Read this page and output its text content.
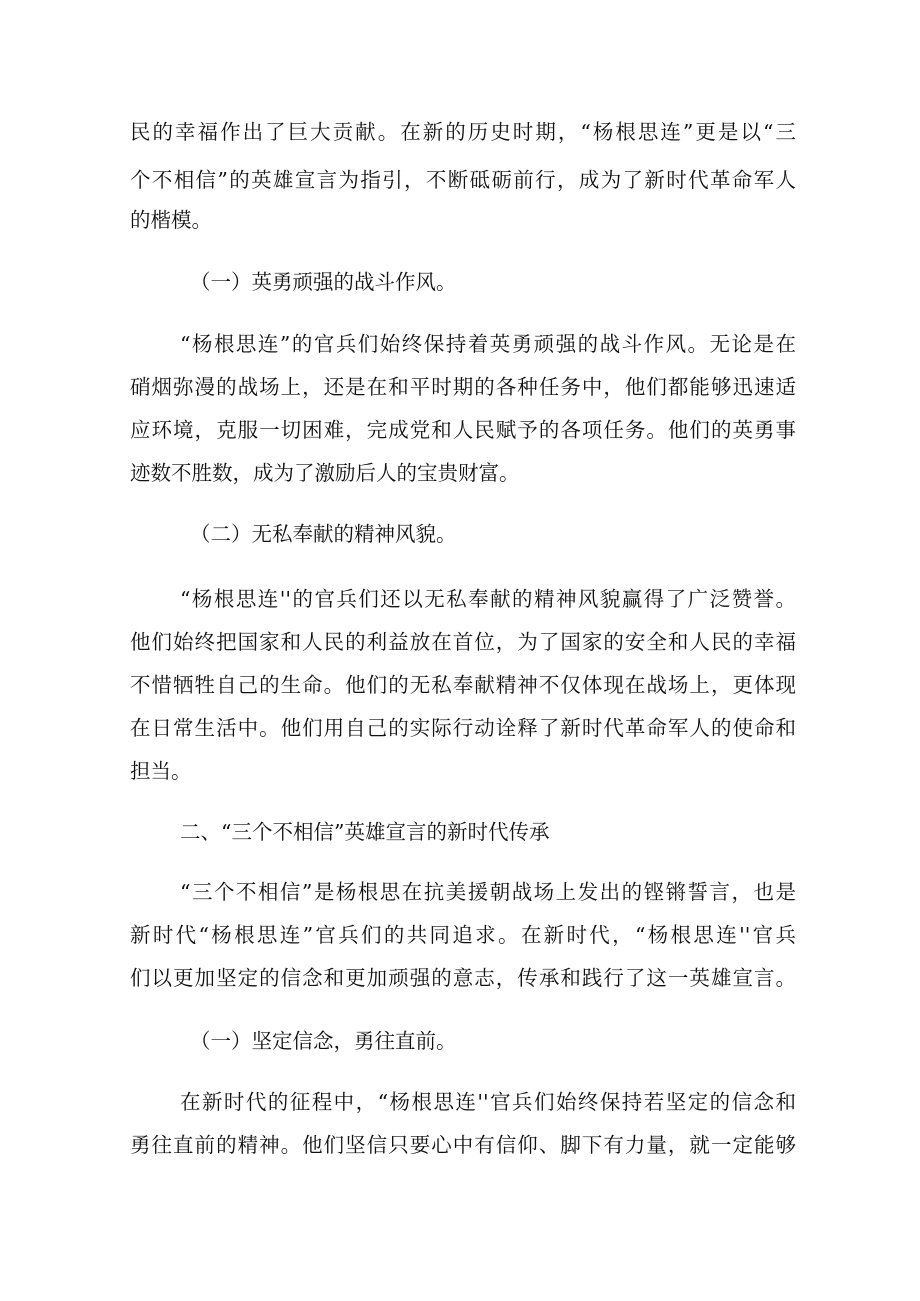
民的幸福作出了巨大贡献。在新的历史时期，“杨根思连”更是以“三
个不相信”的英雄宣言为指引，不断砥砺前行，成为了新时代革命军人
的楷模。
（一）英勇顽强的战斗作风。
“杨根思连”的官兵们始终保持着英勇顽强的战斗作风。无论是在
硝烟弥漫的战场上，还是在和平时期的各种任务中，他们都能够迅速适
应环境，克服一切困难，完成党和人民赋予的各项任务。他们的英勇事
迹数不胜数，成为了激励后人的宝贵财富。
（二）无私奉献的精神风貌。
“杨根思连''的官兵们还以无私奉献的精神风貌赢得了广泛赞誉。
他们始终把国家和人民的利益放在首位，为了国家的安全和人民的幸福
不惜牺牲自己的生命。他们的无私奉献精神不仅体现在战场上，更体现
在日常生活中。他们用自己的实际行动诠释了新时代革命军人的使命和
担当。
二、“三个不相信”英雄宣言的新时代传承
“三个不相信”是杨根思在抗美援朝战场上发出的铿锵誓言，也是
新时代“杨根思连”官兵们的共同追求。在新时代，“杨根思连''官兵
们以更加坚定的信念和更加顽强的意志，传承和践行了这一英雄宣言。
（一）坚定信念，勇往直前。
在新时代的征程中，“杨根思连''官兵们始终保持若坚定的信念和
勇往直前的精神。他们坚信只要心中有信仰、脚下有力量，就一定能够
